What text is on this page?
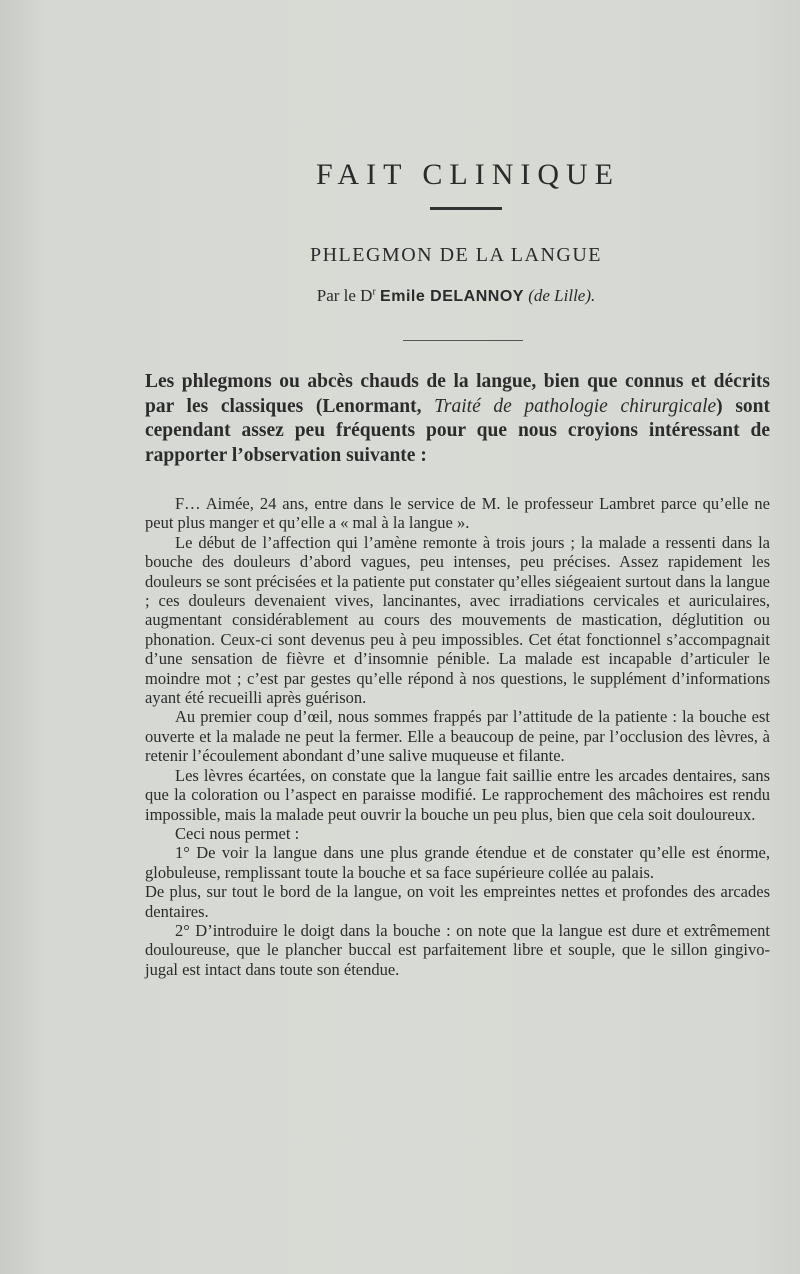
FAIT CLINIQUE
PHLEGMON DE LA LANGUE
Par le $D^r$ Emile DELANNOY (de Lille).
Les phlegmons ou abcès chauds de la langue, bien que connus et décrits par les classiques (Lenormant, Traité de pathologie chirurgicale) sont cependant assez peu fréquents pour que nous croyions intéressant de rapporter l’observation suivante :

F… Aimée, 24 ans, entre dans le service de M. le professeur Lambret parce qu’elle ne peut plus manger et qu’elle a « mal à la langue ».

Le début de l’affection qui l’amène remonte à trois jours ; la malade a ressenti dans la bouche des douleurs d’abord vagues, peu intenses, peu précises. Assez rapidement les douleurs se sont précisées et la patiente put constater qu’elles siégeaient surtout dans la langue ; ces douleurs devenaient vives, lancinantes, avec irradiations cervicales et auriculaires, augmentant considérablement au cours des mouvements de mastication, déglutition ou phonation. Ceux-ci sont devenus peu à peu impossibles. Cet état fonctionnel s’accompagnait d’une sensation de fièvre et d’insomnie pénible. La malade est incapable d’articuler le moindre mot ; c’est par gestes qu’elle répond à nos questions, le supplément d’informations ayant été recueilli après guérison.

Au premier coup d’œil, nous sommes frappés par l’attitude de la patiente : la bouche est ouverte et la malade ne peut la fermer. Elle a beaucoup de peine, par l’occlusion des lèvres, à retenir l’écoulement abondant d’une salive muqueuse et filante.

Les lèvres écartées, on constate que la langue fait saillie entre les arcades dentaires, sans que la coloration ou l’aspect en paraisse modifié. Le rapprochement des mâchoires est rendu impossible, mais la malade peut ouvrir la bouche un peu plus, bien que cela soit douloureux.

Ceci nous permet :

1° De voir la langue dans une plus grande étendue et de constater qu’elle est énorme, globuleuse, remplissant toute la bouche et sa face supérieure collée au palais.

De plus, sur tout le bord de la langue, on voit les empreintes nettes et profondes des arcades dentaires.

2° D’introduire le doigt dans la bouche : on note que la langue est dure et extrêmement douloureuse, que le plancher buccal est parfaitement libre et souple, que le sillon gingivo-jugal est intact dans toute son étendue.
